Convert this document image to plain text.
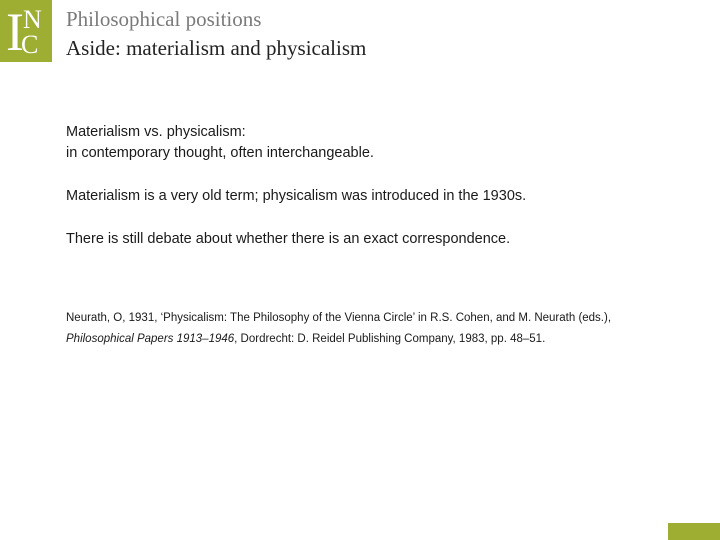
I N
C
Philosophical positions
Aside: materialism and physicalism

Materialism vs. physicalism:
in contemporary thought, often interchangeable.

Materialism is a very old term; physicalism was introduced in the 1930s.

There is still debate about whether there is an exact correspondence.

Neurath, O, 1931, ‘Physicalism: The Philosophy of the Vienna Circle’ in R.S. Cohen, and M. Neurath (eds.), Philosophical Papers 1913–1946, Dordrecht: D. Reidel Publishing Company, 1983, pp. 48–51.
